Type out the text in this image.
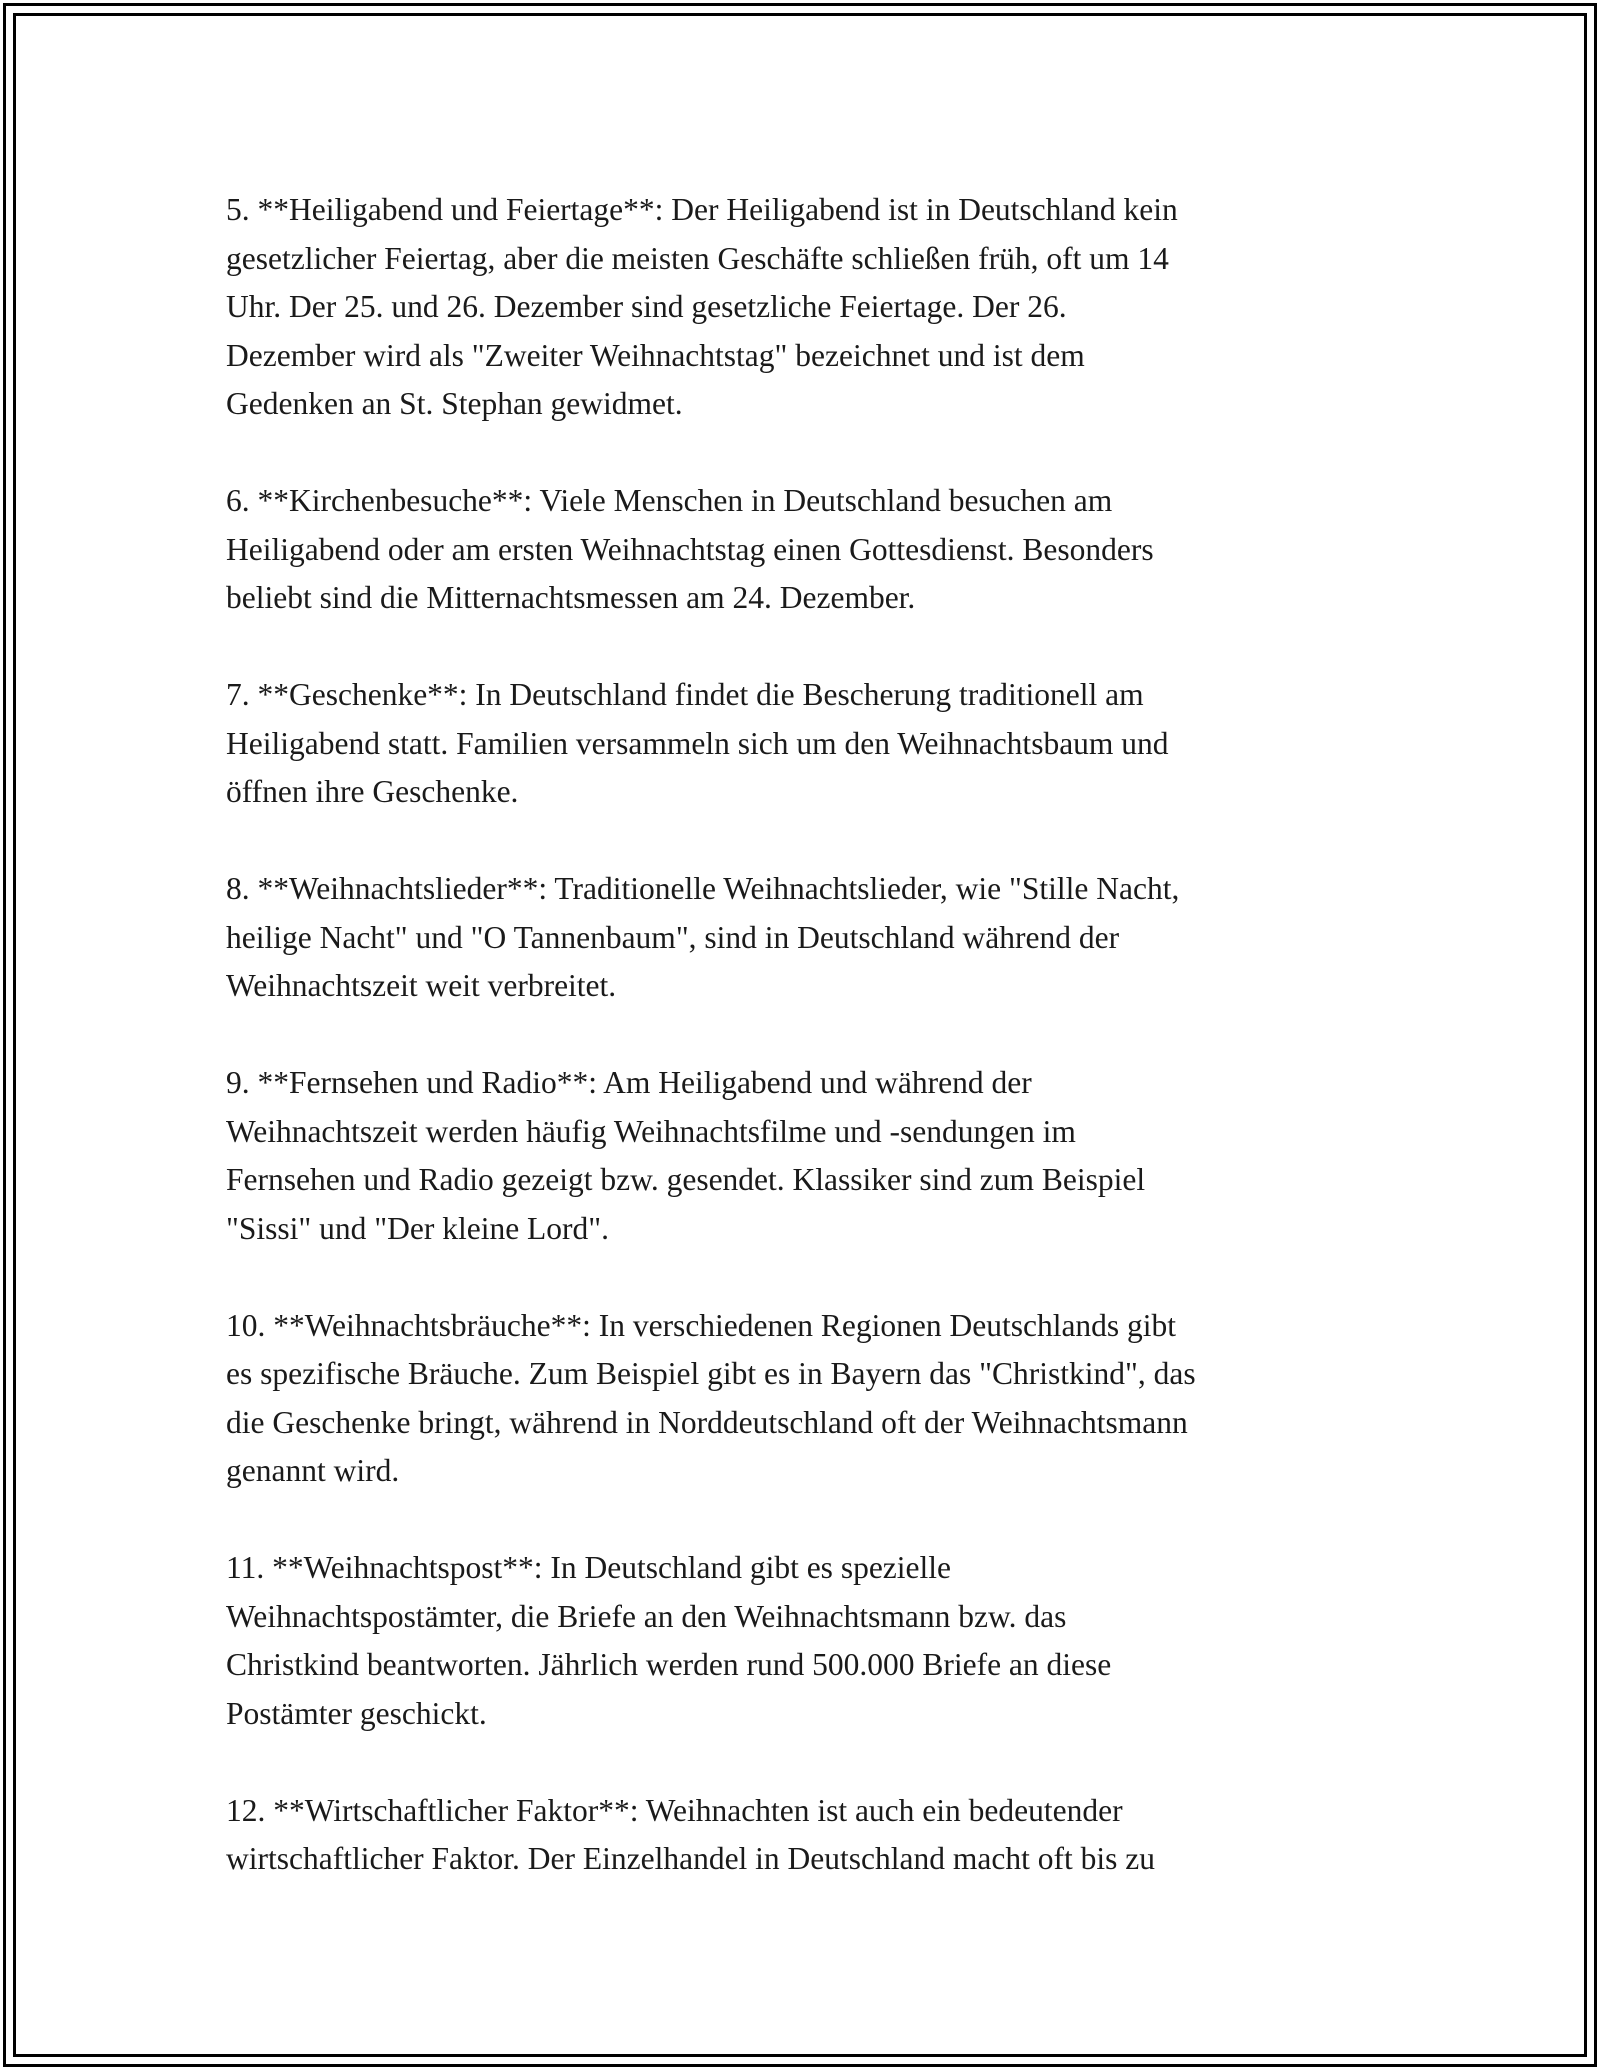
5. **Heiligabend und Feiertage**: Der Heiligabend ist in Deutschland kein
gesetzlicher Feiertag, aber die meisten Geschäfte schließen früh, oft um 14
Uhr. Der 25. und 26. Dezember sind gesetzliche Feiertage. Der 26.
Dezember wird als "Zweiter Weihnachtstag" bezeichnet und ist dem
Gedenken an St. Stephan gewidmet.

6. **Kirchenbesuche**: Viele Menschen in Deutschland besuchen am
Heiligabend oder am ersten Weihnachtstag einen Gottesdienst. Besonders
beliebt sind die Mitternachtsmessen am 24. Dezember.

7. **Geschenke**: In Deutschland findet die Bescherung traditionell am
Heiligabend statt. Familien versammeln sich um den Weihnachtsbaum und
öffnen ihre Geschenke.

8. **Weihnachtslieder**: Traditionelle Weihnachtslieder, wie "Stille Nacht,
heilige Nacht" und "O Tannenbaum", sind in Deutschland während der
Weihnachtszeit weit verbreitet.

9. **Fernsehen und Radio**: Am Heiligabend und während der
Weihnachtszeit werden häufig Weihnachtsfilme und -sendungen im
Fernsehen und Radio gezeigt bzw. gesendet. Klassiker sind zum Beispiel
"Sissi" und "Der kleine Lord".

10. **Weihnachtsbräuche**: In verschiedenen Regionen Deutschlands gibt
es spezifische Bräuche. Zum Beispiel gibt es in Bayern das "Christkind", das
die Geschenke bringt, während in Norddeutschland oft der Weihnachtsmann
genannt wird.

11. **Weihnachtspost**: In Deutschland gibt es spezielle
Weihnachtspostämter, die Briefe an den Weihnachtsmann bzw. das
Christkind beantworten. Jährlich werden rund 500.000 Briefe an diese
Postämter geschickt.

12. **Wirtschaftlicher Faktor**: Weihnachten ist auch ein bedeutender
wirtschaftlicher Faktor. Der Einzelhandel in Deutschland macht oft bis zu
